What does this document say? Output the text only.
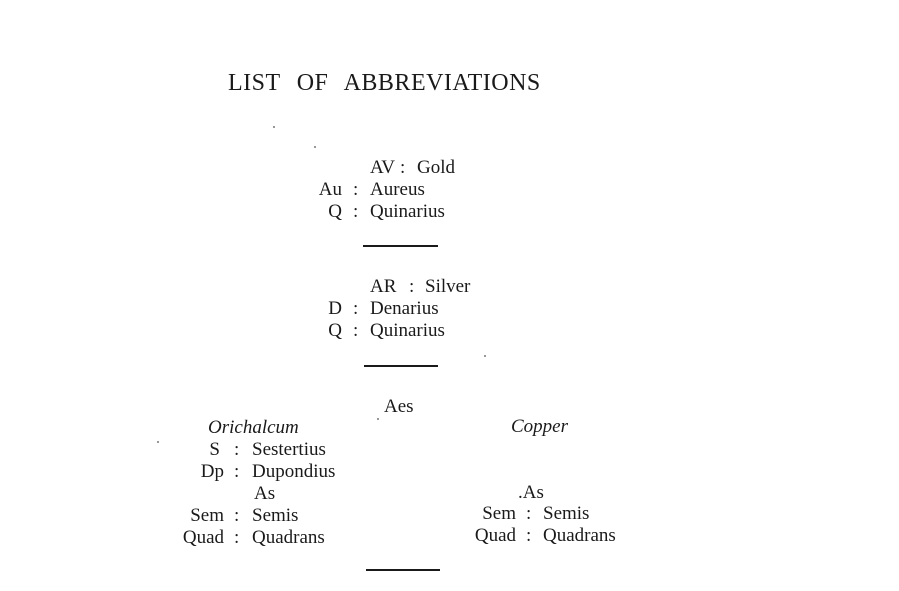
LIST OF ABBREVIATIONS
AV : Gold
Au : Aureus
Q : Quinarius
AR : Silver
D : Denarius
Q : Quinarius
Aes
Orichalcum
S : Sestertius
Dp : Dupondius
As
Sem : Semis
Quad : Quadrans
Copper
.As
Sem : Semis
Quad : Quadrans
